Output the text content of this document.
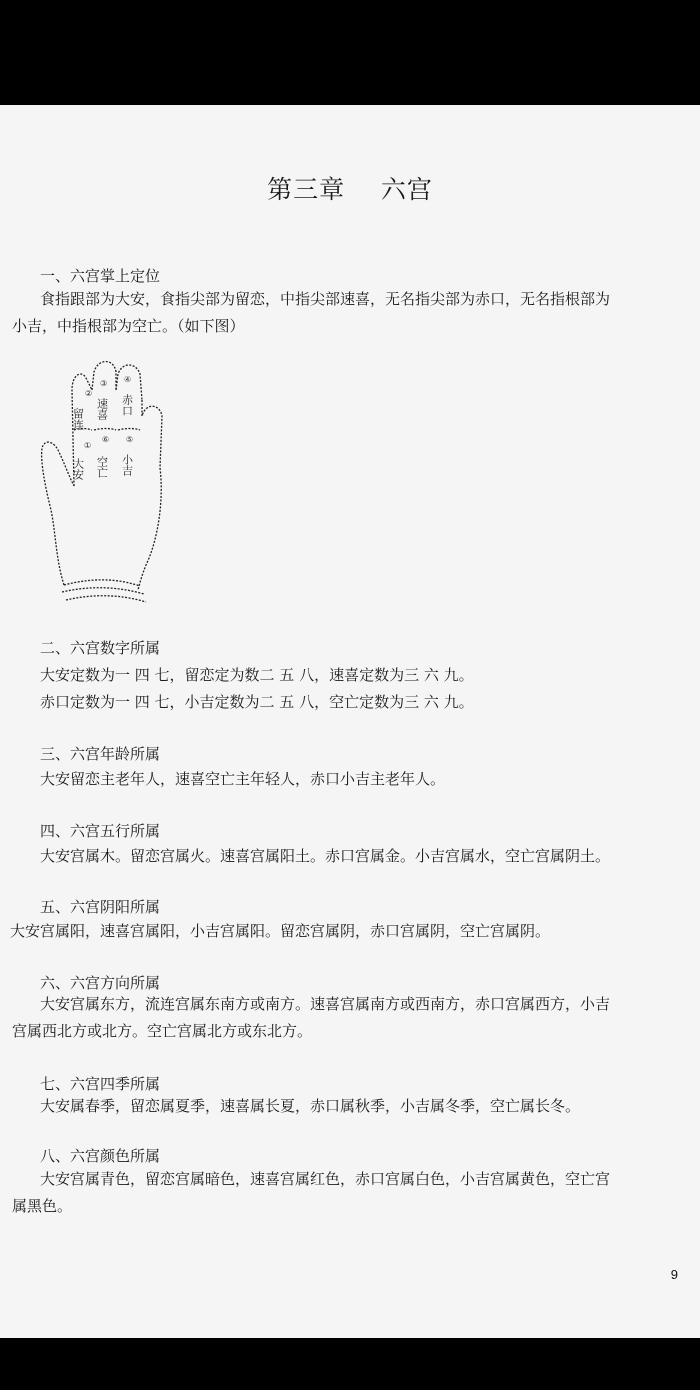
第三章    六宫
一、六宫掌上定位
食指跟部为大安，食指尖部为留恋，中指尖部速喜，无名指尖部为赤口，无名指根部为
小吉，中指根部为空亡。（如下图）
②
③ ④
①
⑥ ⑤
留连 速喜 赤口
大安 空亡 小吉
二、六宫数字所属
大安定数为一 四 七，留恋定为数二 五 八，速喜定数为三 六 九。
赤口定数为一 四 七，小吉定数为二 五 八，空亡定数为三 六 九。
三、六宫年龄所属
大安留恋主老年人，速喜空亡主年轻人，赤口小吉主老年人。
四、六宫五行所属
大安宫属木。留恋宫属火。速喜宫属阳土。赤口宫属金。小吉宫属水，空亡宫属阴土。
五、六宫阴阳所属
大安宫属阳，速喜宫属阳，小吉宫属阳。留恋宫属阴，赤口宫属阴，空亡宫属阴。
六、六宫方向所属
大安宫属东方，流连宫属东南方或南方。速喜宫属南方或西南方，赤口宫属西方，小吉
宫属西北方或北方。空亡宫属北方或东北方。
七、六宫四季所属
大安属春季，留恋属夏季，速喜属长夏，赤口属秋季，小吉属冬季，空亡属长冬。
八、六宫颜色所属
大安宫属青色，留恋宫属暗色，速喜宫属红色，赤口宫属白色，小吉宫属黄色，空亡宫
属黑色。
9
